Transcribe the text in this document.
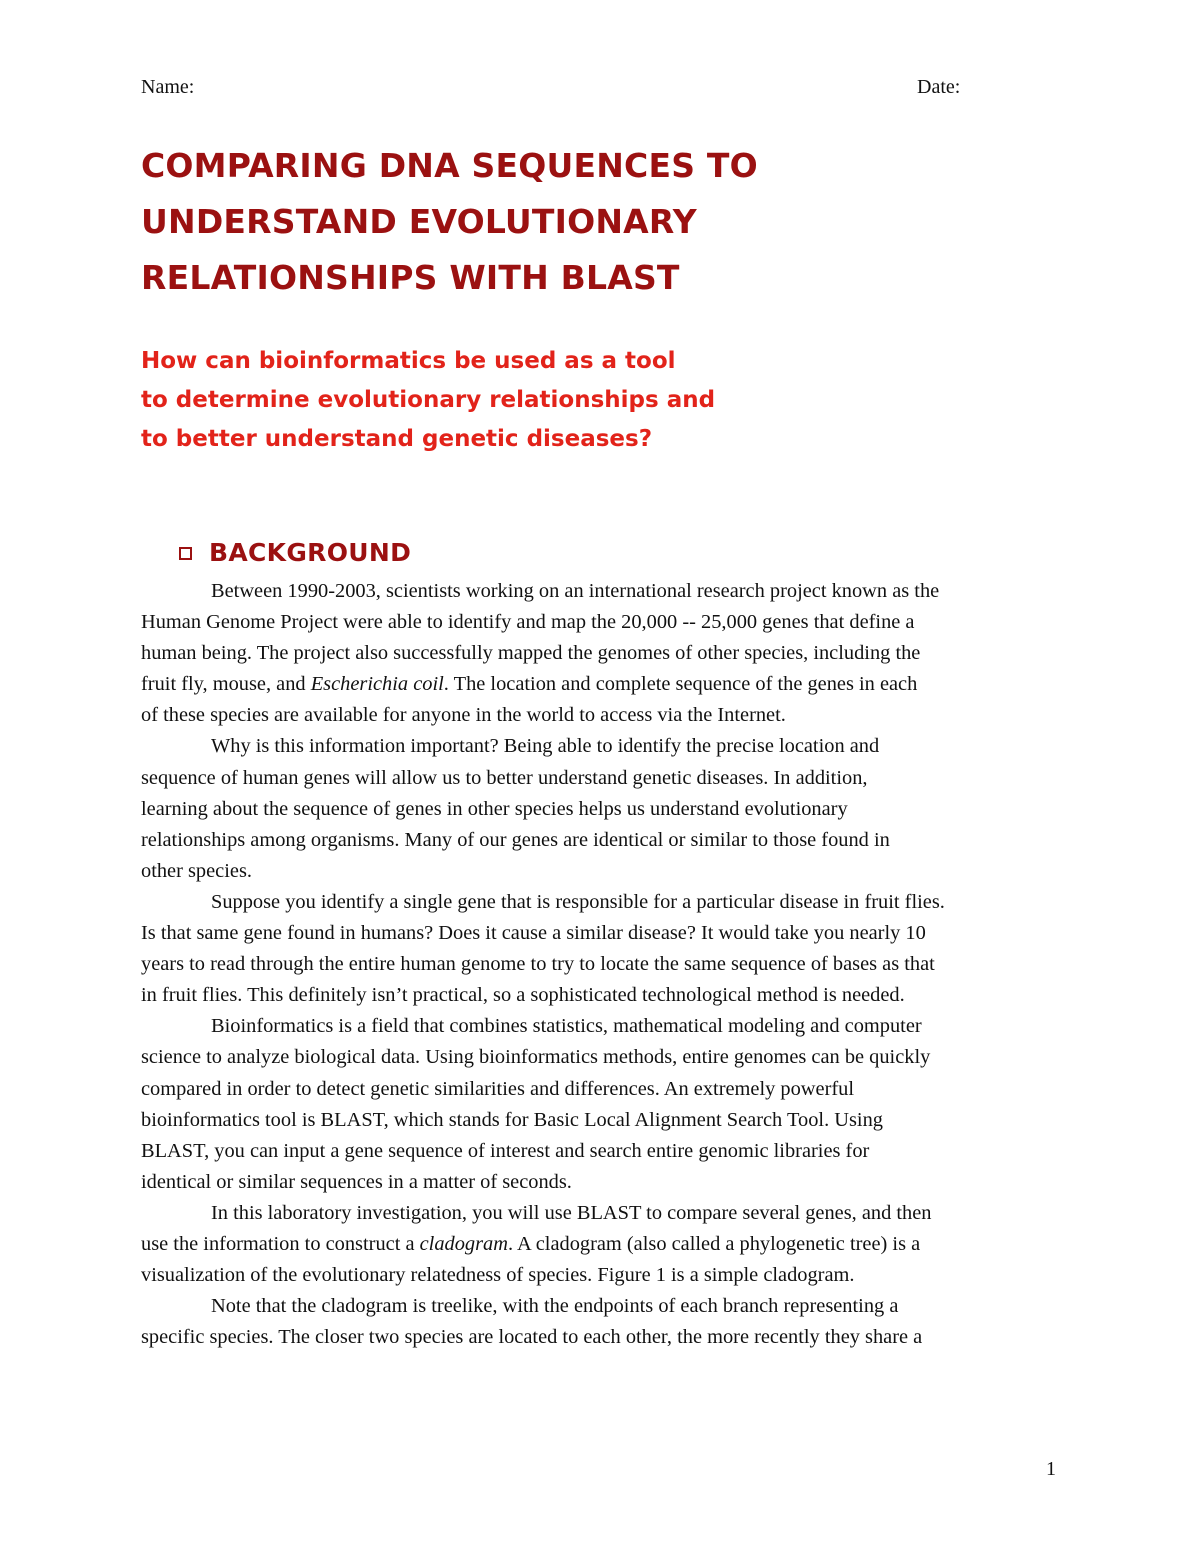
Name:	Date:
COMPARING DNA SEQUENCES TO
UNDERSTAND EVOLUTIONARY
RELATIONSHIPS WITH BLAST
How can bioinformatics be used as a tool
to determine evolutionary relationships and
to better understand genetic diseases?
BACKGROUND
Between 1990-2003, scientists working on an international research project known as the
Human Genome Project were able to identify and map the 20,000 -- 25,000 genes that define a
human being. The project also successfully mapped the genomes of other species, including the
fruit fly, mouse, and Escherichia coil. The location and complete sequence of the genes in each
of these species are available for anyone in the world to access via the Internet.
Why is this information important? Being able to identify the precise location and
sequence of human genes will allow us to better understand genetic diseases. In addition,
learning about the sequence of genes in other species helps us understand evolutionary
relationships among organisms. Many of our genes are identical or similar to those found in
other species.
Suppose you identify a single gene that is responsible for a particular disease in fruit flies.
Is that same gene found in humans? Does it cause a similar disease? It would take you nearly 10
years to read through the entire human genome to try to locate the same sequence of bases as that
in fruit flies. This definitely isn’t practical, so a sophisticated technological method is needed.
Bioinformatics is a field that combines statistics, mathematical modeling and computer
science to analyze biological data. Using bioinformatics methods, entire genomes can be quickly
compared in order to detect genetic similarities and differences. An extremely powerful
bioinformatics tool is BLAST, which stands for Basic Local Alignment Search Tool. Using
BLAST, you can input a gene sequence of interest and search entire genomic libraries for
identical or similar sequences in a matter of seconds.
In this laboratory investigation, you will use BLAST to compare several genes, and then
use the information to construct a cladogram. A cladogram (also called a phylogenetic tree) is a
visualization of the evolutionary relatedness of species. Figure 1 is a simple cladogram.
Note that the cladogram is treelike, with the endpoints of each branch representing a
specific species. The closer two species are located to each other, the more recently they share a
1
